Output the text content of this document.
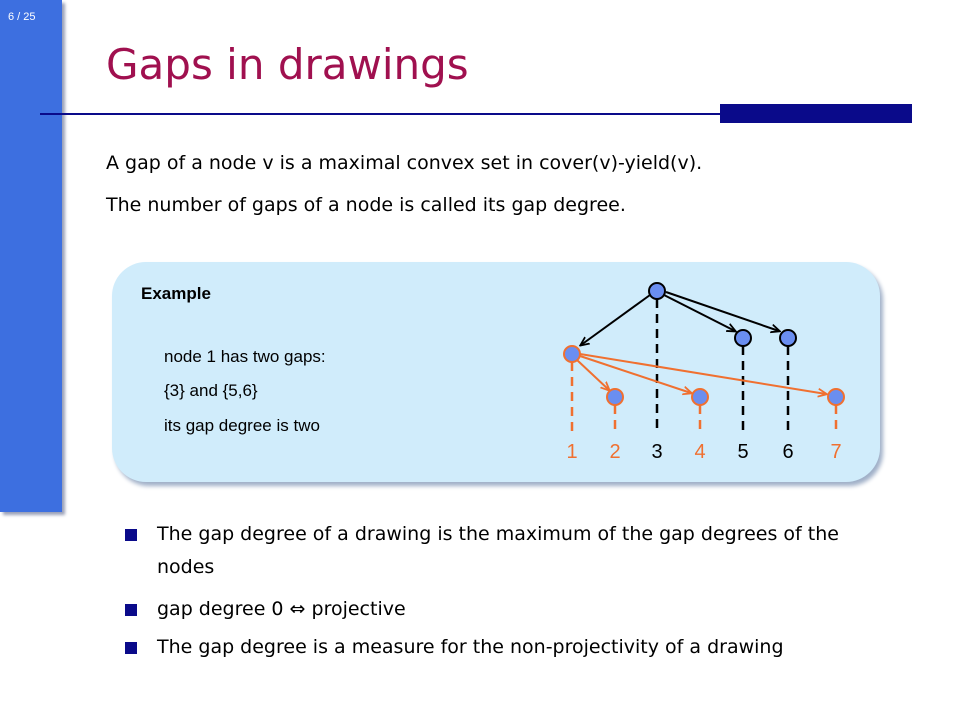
6 / 25
Gaps in drawings
A gap of a node v is a maximal convex set in cover(v)-yield(v).
The number of gaps of a node is called its gap degree.
Example
node 1 has two gaps:
{3} and {5,6}
its gap degree is two
1 2 3 4 5 6 7
The gap degree of a drawing is the maximum of the gap degrees of the nodes
gap degree 0 ⇔ projective
The gap degree is a measure for the non-projectivity of a drawing
